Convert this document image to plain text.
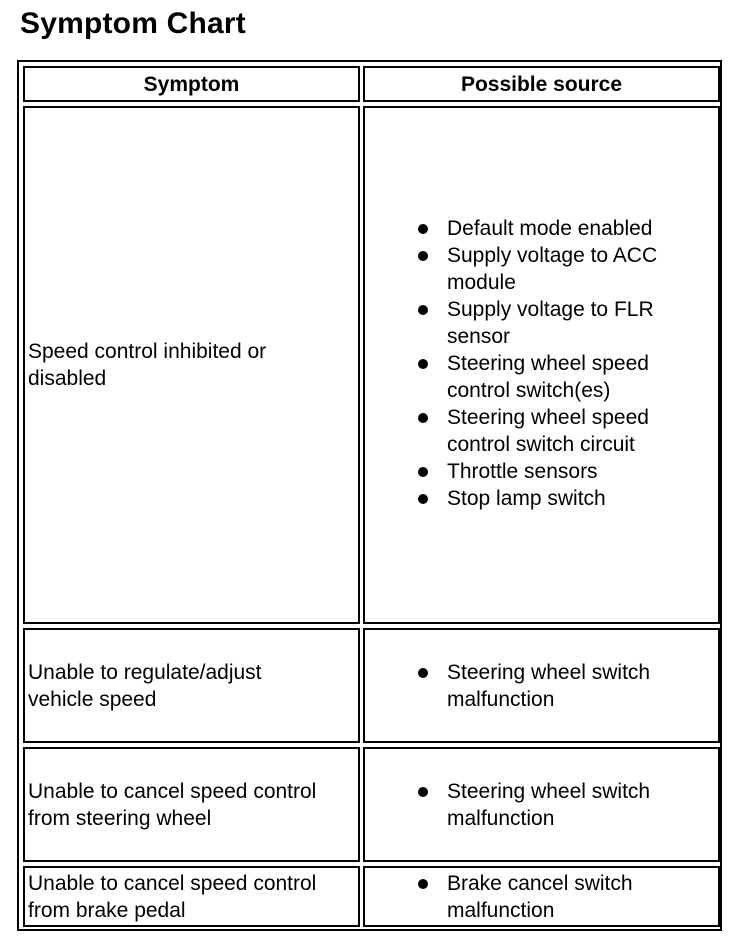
Symptom Chart
Symptom	Possible source
Speed control inhibited or disabled
Default mode enabled
Supply voltage to ACC module
Supply voltage to FLR sensor
Steering wheel speed control switch(es)
Steering wheel speed control switch circuit
Throttle sensors
Stop lamp switch
Unable to regulate/adjust vehicle speed
Steering wheel switch malfunction
Unable to cancel speed control from steering wheel
Steering wheel switch malfunction
Unable to cancel speed control from brake pedal
Brake cancel switch malfunction
